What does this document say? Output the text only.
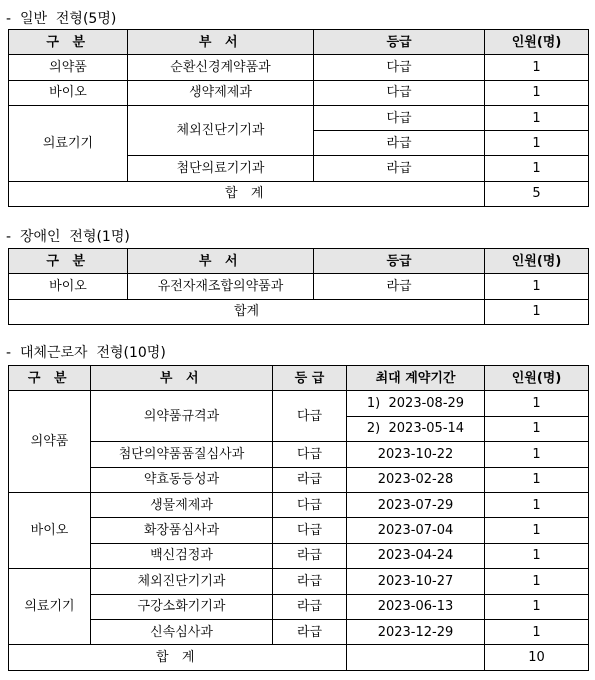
-  일반  전형(5명)
구 분	부 서	등급	인원(명)
의약품	순환신경계약품과	다급	1
바이오	생약제제과	다급	1
의료기기	체외진단기기과	다급	1
		라급	1
	첨단의료기기과	라급	1
합 계			5
-  장애인  전형(1명)
구 분	부 서	등급	인원(명)
바이오	유전자재조합의약품과	라급	1
합계			1
-  대체근로자  전형(10명)
구 분	부 서	등 급	최대 계약기간	인원(명)
의약품	의약품규격과	다급	1)  2023-08-29	1
			2)  2023-05-14	1
	첨단의약품품질심사과	다급	2023-10-22	1
	약효동등성과	라급	2023-02-28	1
바이오	생물제제과	다급	2023-07-29	1
	화장품심사과	다급	2023-07-04	1
	백신검정과	라급	2023-04-24	1
의료기기	체외진단기기과	라급	2023-10-27	1
	구강소화기기과	라급	2023-06-13	1
	신속심사과	라급	2023-12-29	1
합 계				10
